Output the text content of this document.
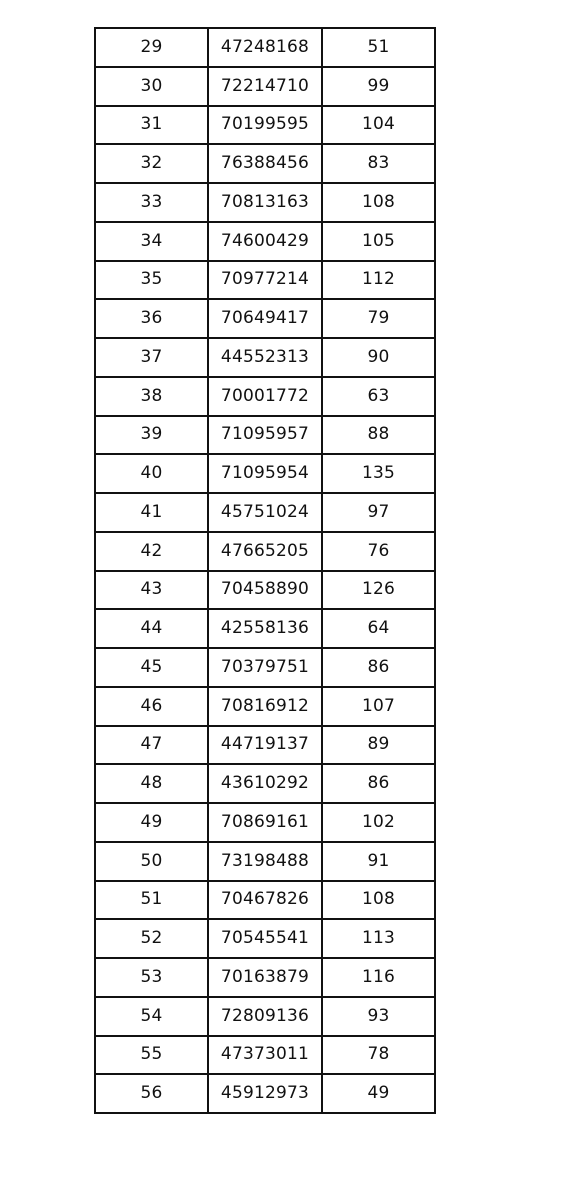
29	47248168	51
30	72214710	99
31	70199595	104
32	76388456	83
33	70813163	108
34	74600429	105
35	70977214	112
36	70649417	79
37	44552313	90
38	70001772	63
39	71095957	88
40	71095954	135
41	45751024	97
42	47665205	76
43	70458890	126
44	42558136	64
45	70379751	86
46	70816912	107
47	44719137	89
48	43610292	86
49	70869161	102
50	73198488	91
51	70467826	108
52	70545541	113
53	70163879	116
54	72809136	93
55	47373011	78
56	45912973	49
